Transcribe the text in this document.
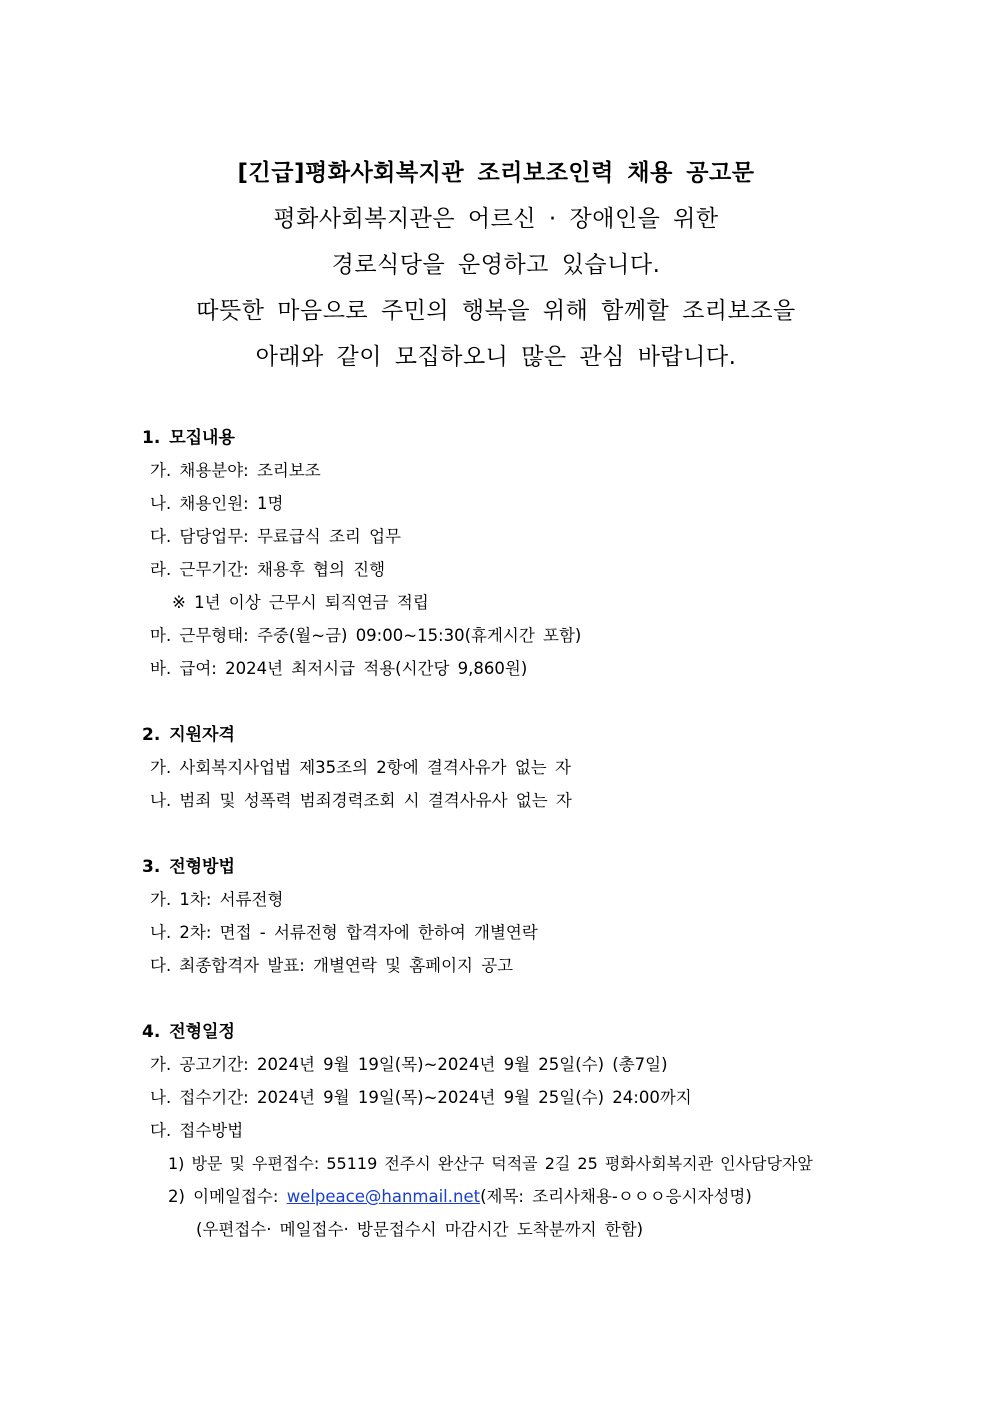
[긴급]평화사회복지관 조리보조인력 채용 공고문
평화사회복지관은 어르신 · 장애인을 위한
경로식당을 운영하고 있습니다.
따뜻한 마음으로 주민의 행복을 위해 함께할 조리보조을
아래와 같이 모집하오니 많은 관심 바랍니다.
1. 모집내용
가. 채용분야: 조리보조
나. 채용인원: 1명
다. 담당업무: 무료급식 조리 업무
라. 근무기간: 채용후 협의 진행
※ 1년 이상 근무시 퇴직연금 적립
마. 근무형태: 주중(월~금) 09:00~15:30(휴게시간 포함)
바. 급여: 2024년 최저시급 적용(시간당 9,860원)
2. 지원자격
가. 사회복지사업법 제35조의 2항에 결격사유가 없는 자
나. 범죄 및 성폭력 범죄경력조회 시 결격사유사 없는 자
3. 전형방법
가. 1차: 서류전형
나. 2차: 면접 - 서류전형 합격자에 한하여 개별연락
다. 최종합격자 발표: 개별연락 및 홈페이지 공고
4. 전형일정
가. 공고기간: 2024년 9월 19일(목)~2024년 9월 25일(수) (총7일)
나. 접수기간: 2024년 9월 19일(목)~2024년 9월 25일(수) 24:00까지
다. 접수방법
1) 방문 및 우편접수: 55119 전주시 완산구 덕적골 2길 25 평화사회복지관 인사담당자앞
2) 이메일접수: welpeace@hanmail.net(제목: 조리사채용-ㅇㅇㅇ응시자성명)
(우편접수· 메일접수· 방문접수시 마감시간 도착분까지 한함)
